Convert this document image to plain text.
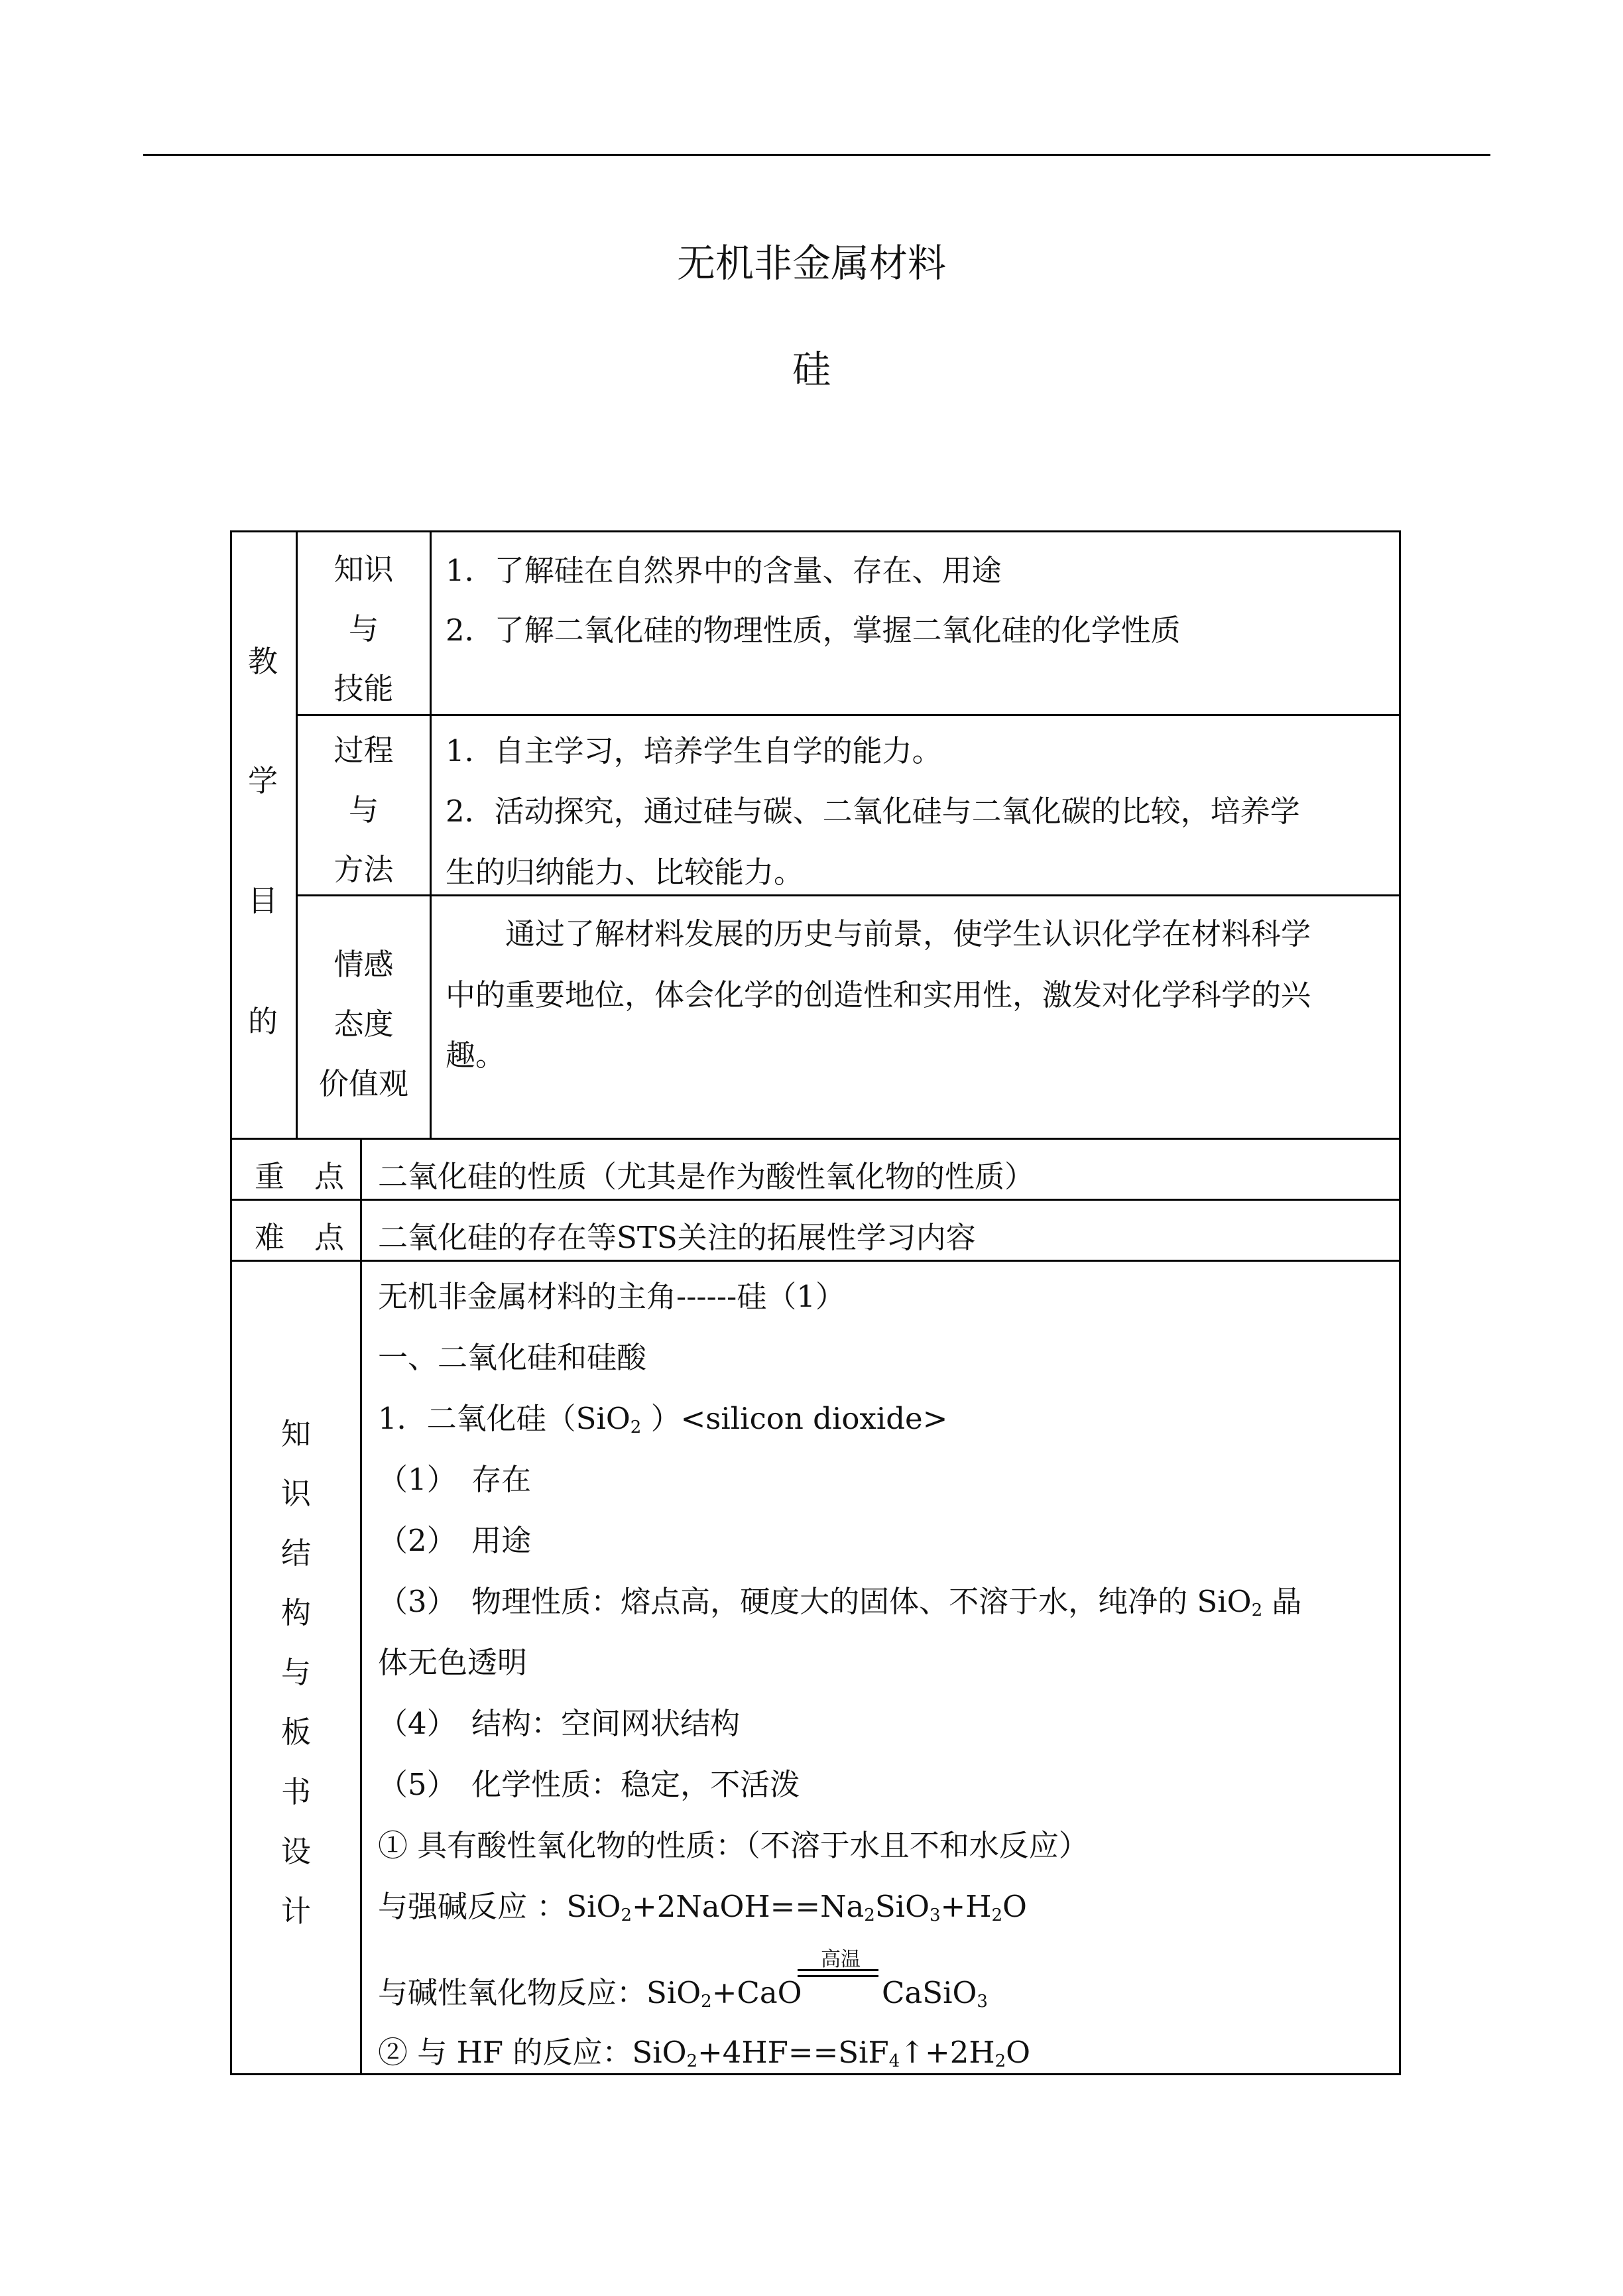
无机非金属材料
硅
教
学
目
的
知识
与
技能
1．了解硅在自然界中的含量、存在、用途
2．了解二氧化硅的物理性质，掌握二氧化硅的化学性质
过程
与
方法
1．自主学习，培养学生自学的能力。
2．活动探究，通过硅与碳、二氧化硅与二氧化碳的比较，培养学
生的归纳能力、比较能力。
情感
态度
价值观
通过了解材料发展的历史与前景，使学生认识化学在材料科学
中的重要地位，体会化学的创造性和实用性，激发对化学科学的兴
趣。
重　点 二氧化硅的性质（尤其是作为酸性氧化物的性质）
难　点 二氧化硅的存在等STS关注的拓展性学习内容
知
识
结
构
与
板
书
设
计
无机非金属材料的主角------硅（1）
一、二氧化硅和硅酸
1．二氧化硅（SiO$_2$ ）<silicon dioxide>
（1）　存在
（2）　用途
（3）　物理性质：熔点高，硬度大的固体、不溶于水，纯净的 SiO$_2$ 晶
体无色透明
（4）　结构：空间网状结构
（5）　化学性质：稳定，不活泼
① 具有酸性氧化物的性质：（不溶于水且不和水反应）
与强碱反应 ：$SiO_2+2NaOH==Na_2SiO_3+H_2O$
与碱性氧化物反应：SiO$_2$+CaO
高温
CaSiO$_3$
② 与 HF 的反应：$SiO_2+4HF==SiF_4↑+2H_2O$
